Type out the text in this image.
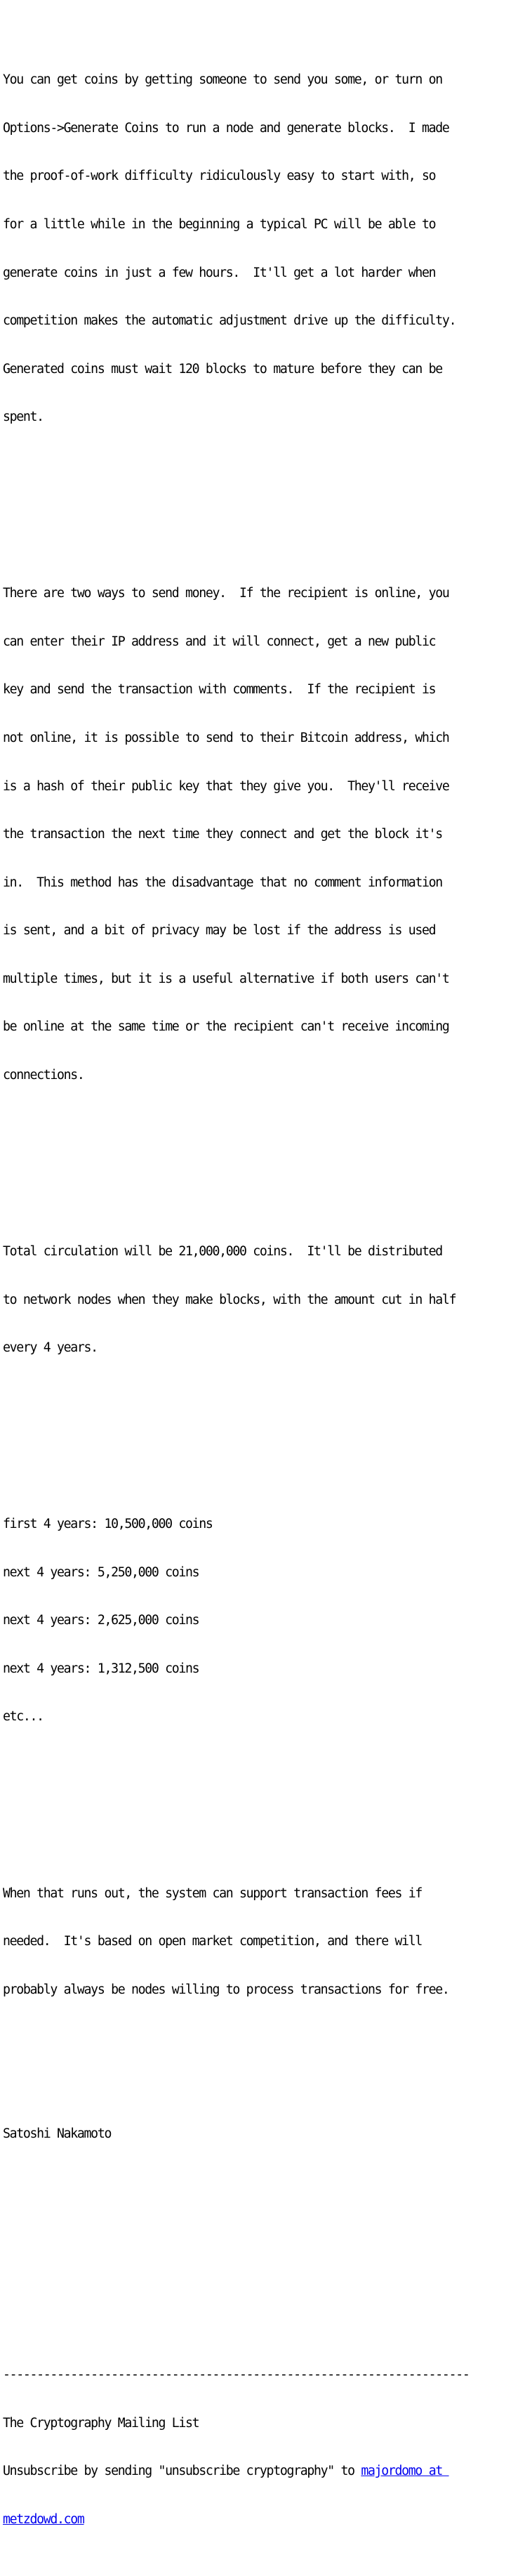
You can get coins by getting someone to send you some, or turn on

Options->Generate Coins to run a node and generate blocks.  I made

the proof-of-work difficulty ridiculously easy to start with, so

for a little while in the beginning a typical PC will be able to

generate coins in just a few hours.  It'll get a lot harder when

competition makes the automatic adjustment drive up the difficulty.

Generated coins must wait 120 blocks to mature before they can be

spent.

There are two ways to send money.  If the recipient is online, you

can enter their IP address and it will connect, get a new public

key and send the transaction with comments.  If the recipient is

not online, it is possible to send to their Bitcoin address, which

is a hash of their public key that they give you.  They'll receive

the transaction the next time they connect and get the block it's

in.  This method has the disadvantage that no comment information

is sent, and a bit of privacy may be lost if the address is used

multiple times, but it is a useful alternative if both users can't

be online at the same time or the recipient can't receive incoming

connections.

Total circulation will be 21,000,000 coins.  It'll be distributed

to network nodes when they make blocks, with the amount cut in half

every 4 years.

first 4 years: 10,500,000 coins

next 4 years: 5,250,000 coins

next 4 years: 2,625,000 coins

next 4 years: 1,312,500 coins

etc...

When that runs out, the system can support transaction fees if

needed.  It's based on open market competition, and there will

probably always be nodes willing to process transactions for free.

Satoshi Nakamoto

---------------------------------------------------------------------

The Cryptography Mailing List

Unsubscribe by sending "unsubscribe cryptography" to majordomo at

metzdowd.com
